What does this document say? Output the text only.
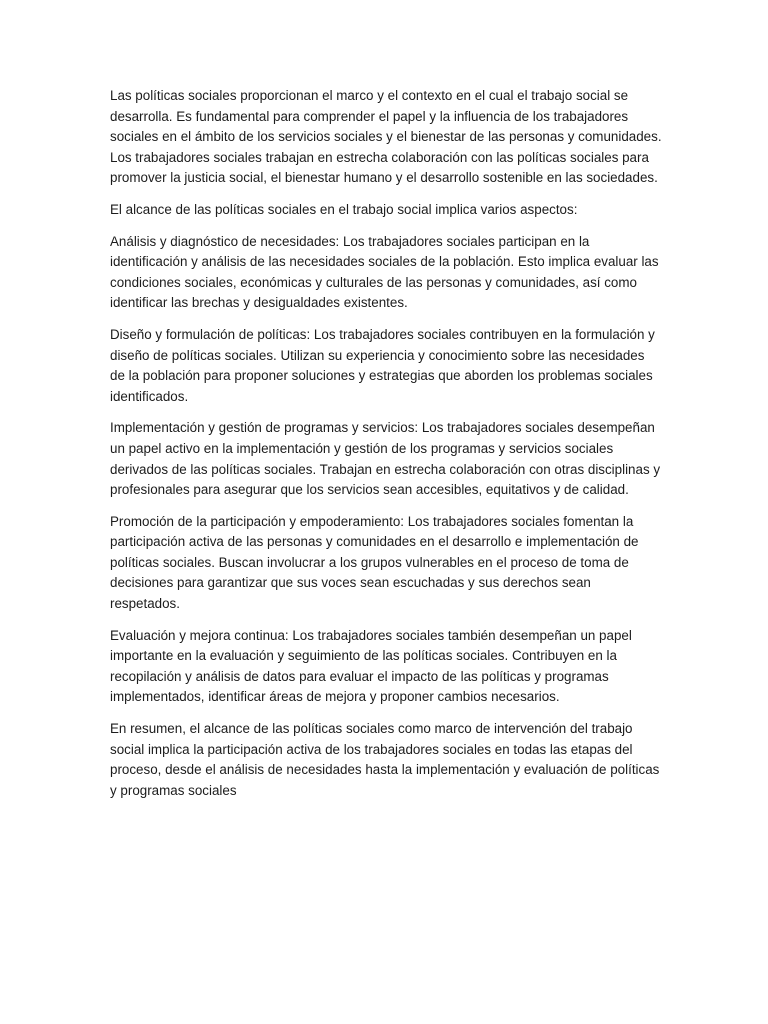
Las políticas sociales proporcionan el marco y el contexto en el cual el trabajo social se desarrolla. Es fundamental para comprender el papel y la influencia de los trabajadores sociales en el ámbito de los servicios sociales y el bienestar de las personas y comunidades. Los trabajadores sociales trabajan en estrecha colaboración con las políticas sociales para promover la justicia social, el bienestar humano y el desarrollo sostenible en las sociedades.

El alcance de las políticas sociales en el trabajo social implica varios aspectos:

Análisis y diagnóstico de necesidades: Los trabajadores sociales participan en la identificación y análisis de las necesidades sociales de la población. Esto implica evaluar las condiciones sociales, económicas y culturales de las personas y comunidades, así como identificar las brechas y desigualdades existentes.

Diseño y formulación de políticas: Los trabajadores sociales contribuyen en la formulación y diseño de políticas sociales. Utilizan su experiencia y conocimiento sobre las necesidades de la población para proponer soluciones y estrategias que aborden los problemas sociales identificados.

Implementación y gestión de programas y servicios: Los trabajadores sociales desempeñan un papel activo en la implementación y gestión de los programas y servicios sociales derivados de las políticas sociales. Trabajan en estrecha colaboración con otras disciplinas y profesionales para asegurar que los servicios sean accesibles, equitativos y de calidad.

Promoción de la participación y empoderamiento: Los trabajadores sociales fomentan la participación activa de las personas y comunidades en el desarrollo e implementación de políticas sociales. Buscan involucrar a los grupos vulnerables en el proceso de toma de decisiones para garantizar que sus voces sean escuchadas y sus derechos sean respetados.

Evaluación y mejora continua: Los trabajadores sociales también desempeñan un papel importante en la evaluación y seguimiento de las políticas sociales. Contribuyen en la recopilación y análisis de datos para evaluar el impacto de las políticas y programas implementados, identificar áreas de mejora y proponer cambios necesarios.

En resumen, el alcance de las políticas sociales como marco de intervención del trabajo social implica la participación activa de los trabajadores sociales en todas las etapas del proceso, desde el análisis de necesidades hasta la implementación y evaluación de políticas y programas sociales
